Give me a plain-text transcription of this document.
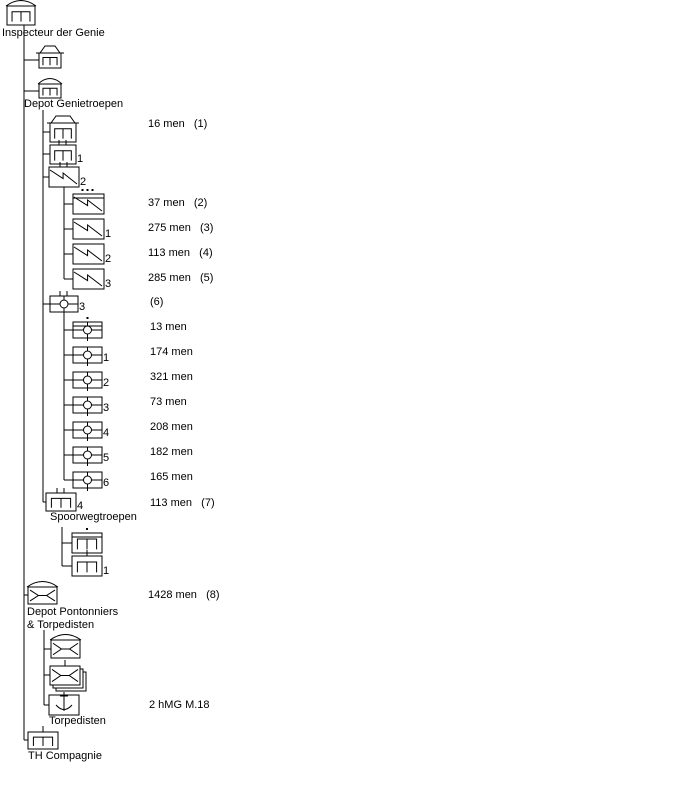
Inspecteur der Genie
Depot Genietroepen
16 men   (1)
1
2
37 men   (2)
1	275 men   (3)
2	113 men   (4)
3	285 men   (5)
3	(6)
13 men
1	174 men
2	321 men
3	73 men
4	208 men
5	182 men
6	165 men
4
Spoorwegtroepen
113 men   (7)
1
Depot Pontonniers
& Torpedisten
1428 men   (8)
Torpedisten
2 hMG M.18
TH Compagnie
